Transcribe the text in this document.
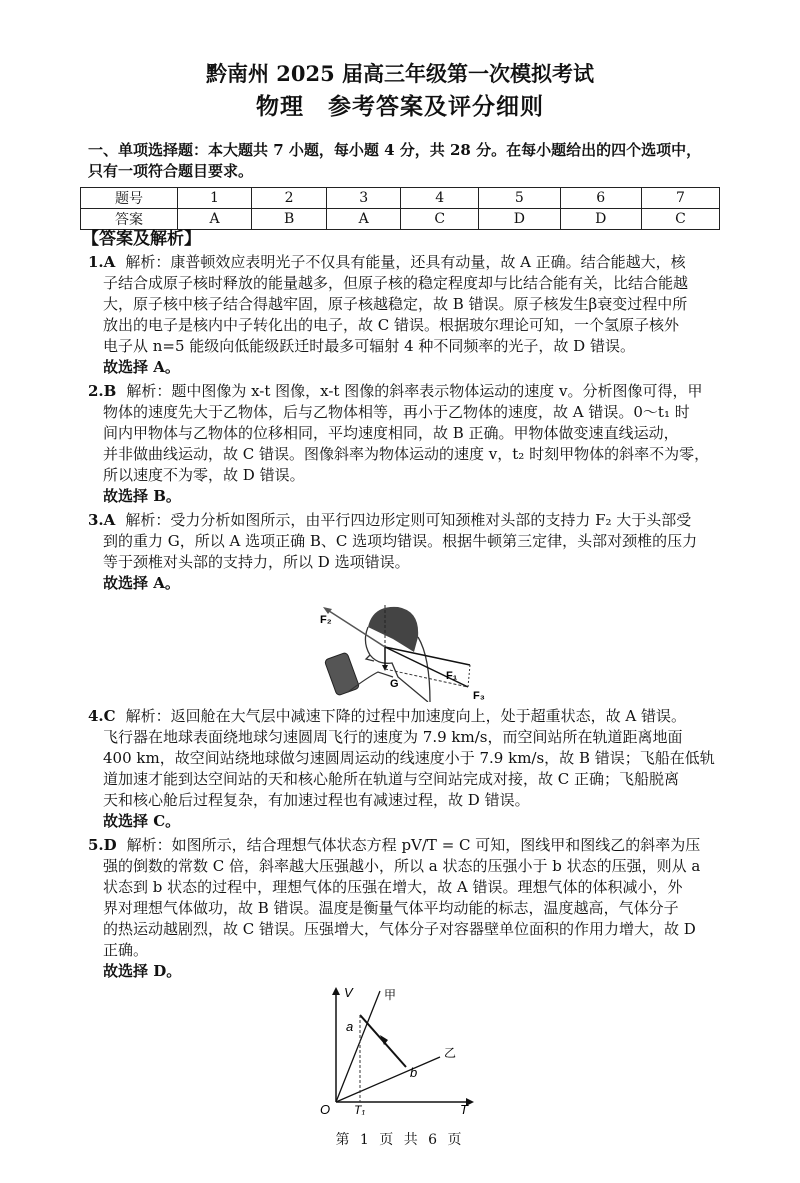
黔南州 2025 届高三年级第一次模拟考试
物理　参考答案及评分细则
一、单项选择题：本大题共 7 小题，每小题 4 分，共 28 分。在每小题给出的四个选项中，
只有一项符合题目要求。
题号	1	2	3	4	5	6	7
答案	A	B	A	C	D	D	C
【答案及解析】
1.A 解析：康普顿效应表明光子不仅具有能量，还具有动量，故 A 正确。结合能越大，核
子结合成原子核时释放的能量越多，但原子核的稳定程度却与比结合能有关，比结合能越
大，原子核中核子结合得越牢固，原子核越稳定，故 B 错误。原子核发生β衰变过程中所
放出的电子是核内中子转化出的电子，故 C 错误。根据玻尔理论可知，一个氢原子核外
电子从 n=5 能级向低能级跃迁时最多可辐射 4 种不同频率的光子，故 D 错误。
故选择 A。
2.B 解析：题中图像为 x-t 图像，x-t 图像的斜率表示物体运动的速度 v。分析图像可得，甲
物体的速度先大于乙物体，后与乙物体相等，再小于乙物体的速度，故 A 错误。0～t₁ 时
间内甲物体与乙物体的位移相同，平均速度相同，故 B 正确。甲物体做变速直线运动，
并非做曲线运动，故 C 错误。图像斜率为物体运动的速度 v，t₂ 时刻甲物体的斜率不为零，
所以速度不为零，故 D 错误。
故选择 B。
3.A 解析：受力分析如图所示，由平行四边形定则可知颈椎对头部的支持力 F₂ 大于头部受
到的重力 G，所以 A 选项正确 B、C 选项均错误。根据牛顿第三定律，头部对颈椎的压力
等于颈椎对头部的支持力，所以 D 选项错误。
故选择 A。
F₂
F₁
F₃
G
4.C 解析：返回舱在大气层中减速下降的过程中加速度向上，处于超重状态，故 A 错误。
飞行器在地球表面绕地球匀速圆周飞行的速度为 7.9 km/s，而空间站所在轨道距离地面
400 km，故空间站绕地球做匀速圆周运动的线速度小于 7.9 km/s，故 B 错误；飞船在低轨
道加速才能到达空间站的天和核心舱所在轨道与空间站完成对接，故 C 正确；飞船脱离
天和核心舱后过程复杂，有加速过程也有减速过程，故 D 错误。
故选择 C。
5.D 解析：如图所示，结合理想气体状态方程 pV/T = C 可知，图线甲和图线乙的斜率为压
强的倒数的常数 C 倍，斜率越大压强越小，所以 a 状态的压强小于 b 状态的压强，则从 a
状态到 b 状态的过程中，理想气体的压强在增大，故 A 错误。理想气体的体积减小，外
界对理想气体做功，故 B 错误。温度是衡量气体平均动能的标志，温度越高，气体分子
的热运动越剧烈，故 C 错误。压强增大，气体分子对容器壁单位面积的作用力增大，故 D
正确。
故选择 D。
V	甲
乙
a
b
O T₁	T
第 1 页 共 6 页
